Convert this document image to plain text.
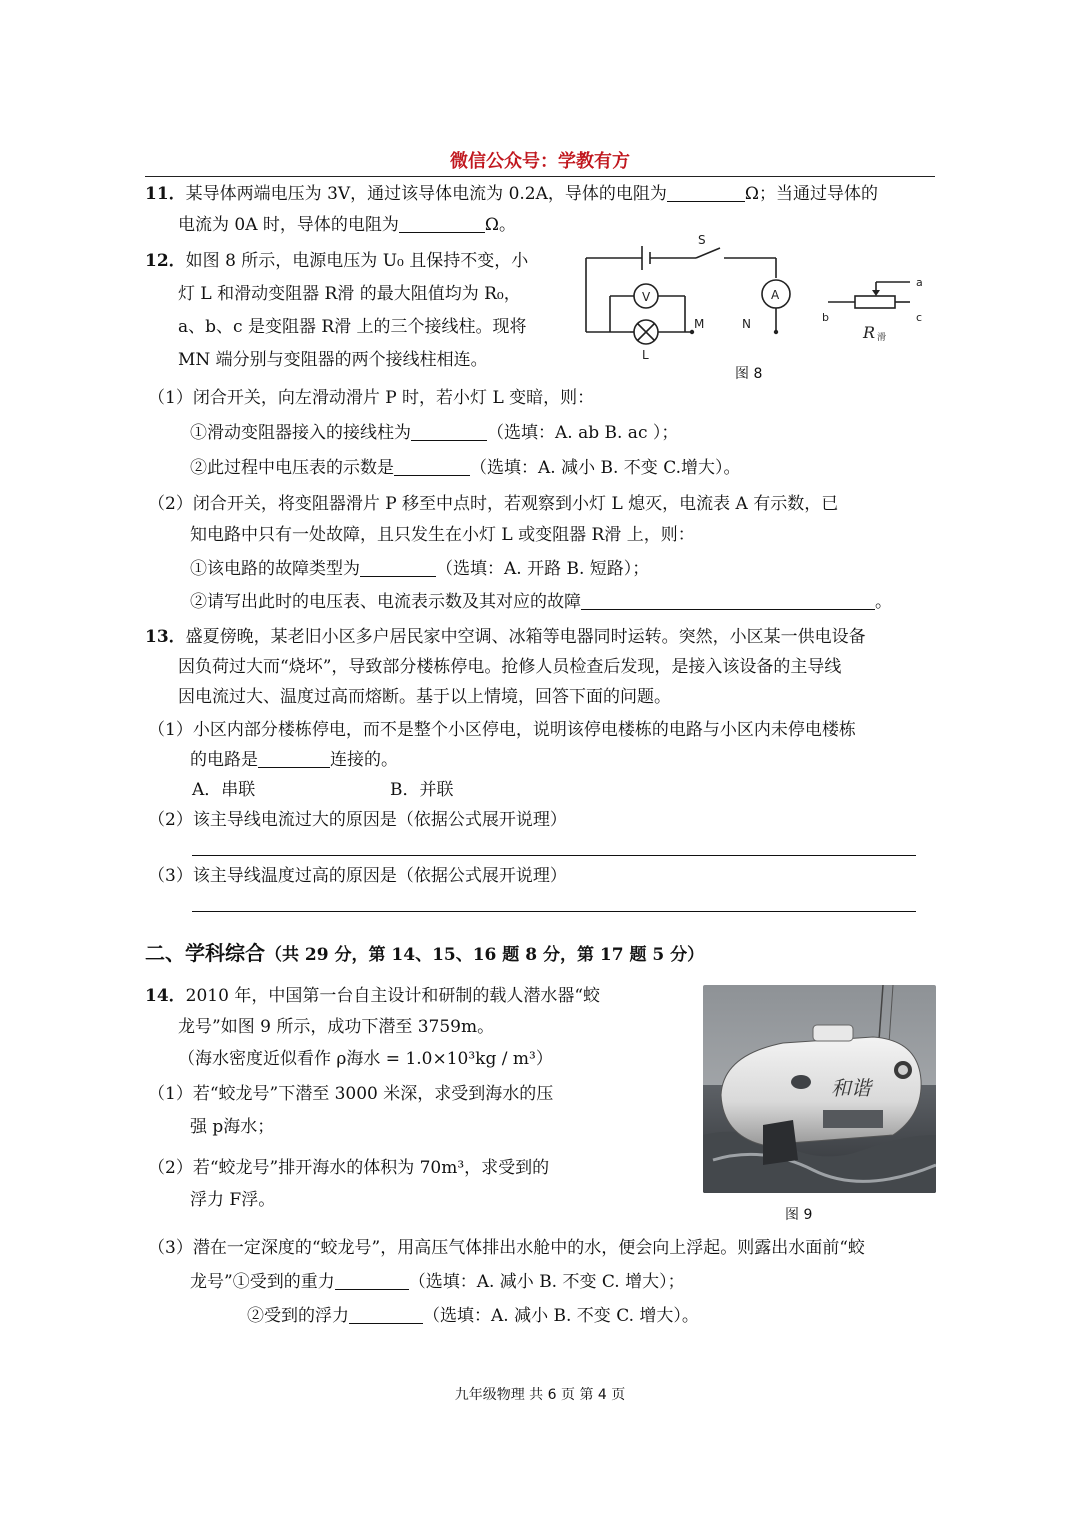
微信公众号：学教有方
11．某导体两端电压为 3V，通过该导体电流为 0.2A，导体的电阻为	Ω；当通过导体的
电流为 0A 时，导体的电阻为	Ω。
12．如图 8 所示，电源电压为 U₀ 且保持不变，小
灯 L 和滑动变阻器 R滑 的最大阻值均为 R₀，
a、b、c 是变阻器 R滑 上的三个接线柱。现将
MN 端分别与变阻器的两个接线柱相连。
S
V	A
M	N
L
a
b	c
R 滑
图 8
（1）闭合开关，向左滑动滑片 P 时，若小灯 L 变暗，则：
①滑动变阻器接入的接线柱为	（选填：A. ab B. ac ）；
②此过程中电压表的示数是	（选填：A. 减小 B. 不变 C.增大）。
（2）闭合开关，将变阻器滑片 P 移至中点时，若观察到小灯 L 熄灭，电流表 A 有示数，已
知电路中只有一处故障，且只发生在小灯 L 或变阻器 R滑 上，则：
①该电路的故障类型为	（选填：A. 开路 B. 短路）；
②请写出此时的电压表、电流表示数及其对应的故障	。
13．盛夏傍晚，某老旧小区多户居民家中空调、冰箱等电器同时运转。突然，小区某一供电设备
因负荷过大而“烧坏”，导致部分楼栋停电。抢修人员检查后发现，是接入该设备的主导线
因电流过大、温度过高而熔断。基于以上情境，回答下面的问题。
（1）小区内部分楼栋停电，而不是整个小区停电，说明该停电楼栋的电路与小区内未停电楼栋
的电路是	连接的。
A．串联	B．并联
（2）该主导线电流过大的原因是（依据公式展开说理）
（3）该主导线温度过高的原因是（依据公式展开说理）
二、学科综合（共 29 分，第 14、15、16 题 8 分，第 17 题 5 分）
14．2010 年，中国第一台自主设计和研制的载人潜水器“蛟
龙号”如图 9 所示，成功下潜至 3759m。
（海水密度近似看作 ρ海水 = 1.0×10³kg / m³）
（1）若“蛟龙号”下潜至 3000 米深，求受到海水的压
强 p海水；
（2）若“蛟龙号”排开海水的体积为 70m³，求受到的
浮力 F浮。
和谐
图 9
（3）潜在一定深度的“蛟龙号”，用高压气体排出水舱中的水，便会向上浮起。则露出水面前“蛟
龙号”①受到的重力	（选填：A. 减小 B. 不变 C. 增大）；
②受到的浮力	（选填：A. 减小 B. 不变 C. 增大）。
九年级物理 共 6 页 第 4 页
